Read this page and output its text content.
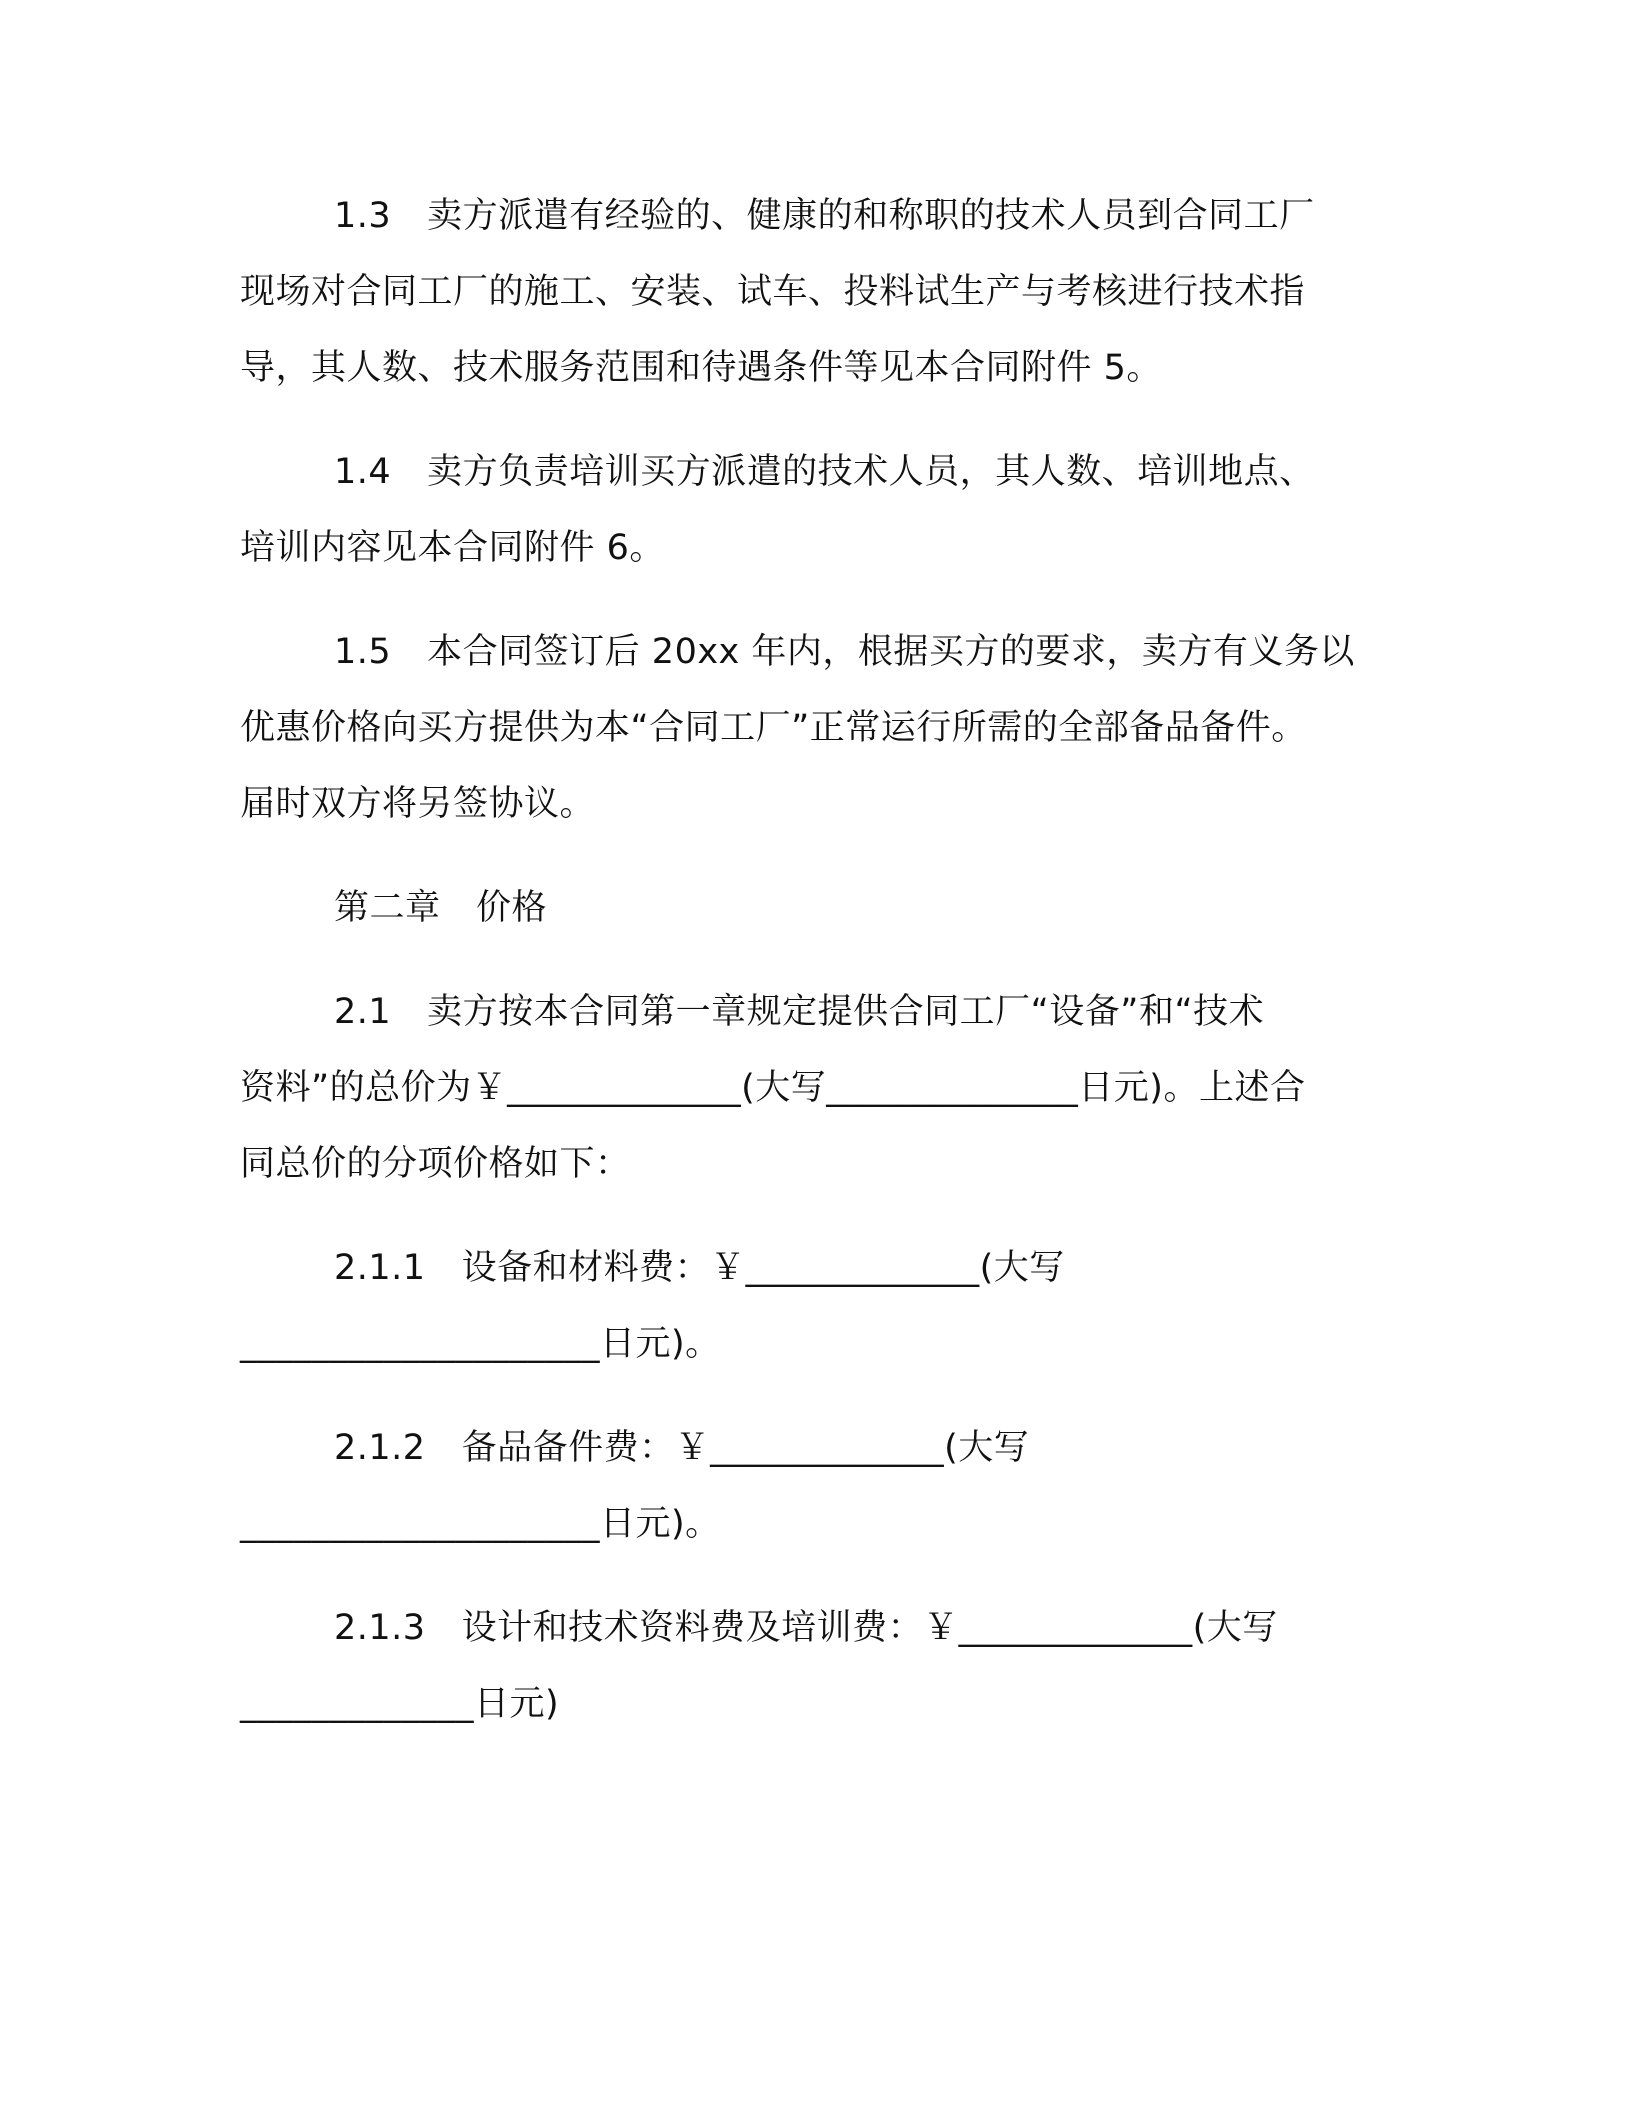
1.3 卖方派遣有经验的、健康的和称职的技术人员到合同工厂
现场对合同工厂的施工、安装、试车、投料试生产与考核进行技术指
导，其人数、技术服务范围和待遇条件等见本合同附件 5。
1.4 卖方负责培训买方派遣的技术人员，其人数、培训地点、
培训内容见本合同附件 6。
1.5 本合同签订后 20xx 年内，根据买方的要求，卖方有义务以
优惠价格向买方提供为本“合同工厂”正常运行所需的全部备品备件。
届时双方将另签协议。
第二章　价格
2.1 卖方按本合同第一章规定提供合同工厂“设备”和“技术
资料”的总价为￥_____________(大写______________日元)。上述合
同总价的分项价格如下：
2.1.1 设备和材料费：￥_____________(大写
____________________日元)。
2.1.2 备品备件费：￥_____________(大写
____________________日元)。
2.1.3 设计和技术资料费及培训费：￥_____________(大写
_____________日元)
